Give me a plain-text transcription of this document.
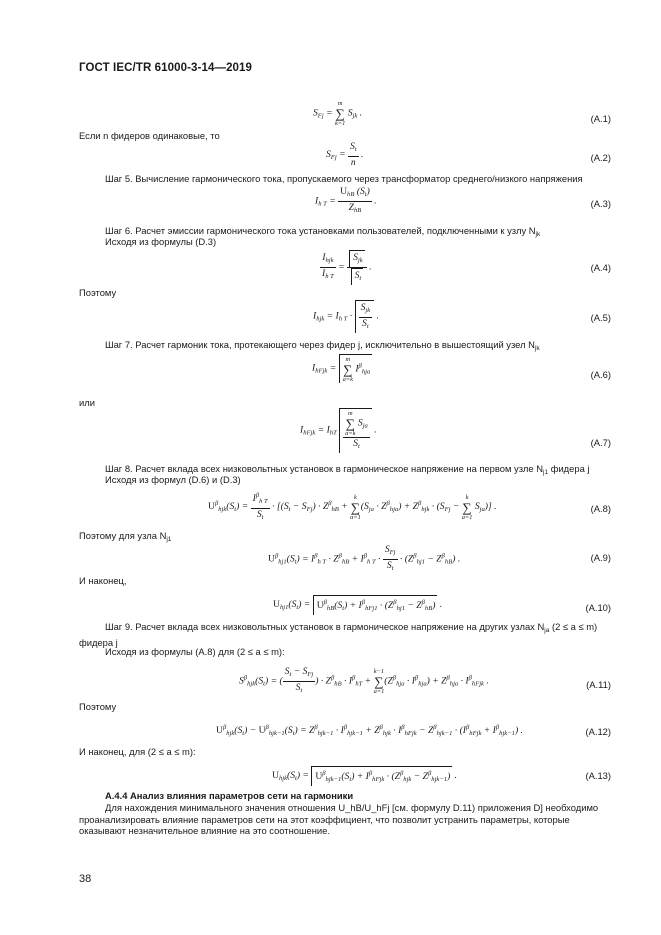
ГОСТ IEC/TR 61000-3-14—2019
$S_{Fj} = m$
∑
k=1 $S_{jk}$ .	(A.1)
Если n фидеров одинаковые, то
$S_{Fj} = \frac{S_t}{n}$ .	(A.2)
Шаг 5. Вычисление гармонического тока, пропускаемого через трансформатор среднего/низкого напряжения
$I_{h T}$ =
$U_{hB}$ $(S_t)$
$Z_{hB}$
.	(A.3)
Шаг 6. Расчет эмиссии гармонического тока установками пользователей, подключенными к узлу $N_{jk}$
Исходя из формулы (D.3)
$I_{hjk}$
$I_{h T}$
=
$S_{jk}$
$S_t$
.	(A.4)
Поэтому
$I_{hjk} = I_{h T}$ ·
$S_{jk}$
$S_t$
.	(A.5)
Шаг 7. Расчет гармоник тока, протекающего через фидер j, исключительно в вышестоящий узел $N_{jk}$
$I_{hFjk} = m$
∑
a=k $I^\beta_{hja}$	(A.6)
или
$I_{hFjk} = I_{hT}$
m
∑
a=k $S_{ja}$
$S_t$
.
(A.7)
Шаг 8. Расчет вклада всех низковольтных установок в гармоническое напряжение на первом узле $N_{j1}$ фидера j
Исходя из формул (D.6) и (D.3)
$U^\beta_{hjk}(S_t)$ =
$I^\beta_{h T}$
$S_t$
· [$(S_t - S_{Fj}) \cdot Z^\beta_{hB} + k$
∑
$a=1(S_{ja} \cdot Z^\beta_{hja}) + Z^\beta_{hjk} \cdot (S_{Fj} - k$
∑
a=1 $S_{ja}$)] .	(A.8)
Поэтому для узла $N_{j1}$
$U^\beta_{hj1}(S_t) = I^\beta_{h T} \cdot Z^\beta_{hB} + I^\beta_{h T}$ ·
$S_{Fj}$
$S_t$
· $(Z^\beta_{hj1} - Z^\beta_{hB})$ .	(A.9)
И наконец,
$U_{hj1}(S_t) = U^\beta_{hB}(S_t) + I^\beta_{hFj1} \cdot (Z^\beta_{hj1} - Z^\beta_{hB})$ .	(A.10)
Шаг 9. Расчет вклада всех низковольтных установок в гармоническое напряжение на других узлах $N_{ja}$ (2 ≤ a ≤ m) фидера j
Исходя из формулы (A.8) для (2 ≤ a ≤ m):
$S^\beta_{hjk}(S_t)$ = (
$S_t - S_{Fj}$
$S_t$
) · $Z^\beta_{hB} \cdot I^\beta_{hT} + k-1$
∑
$a=1(Z^\beta_{hja} \cdot I^\beta_{hja}) + Z^\beta_{hja} \cdot I^\beta_{hFjk}$ .	(A.11)
Поэтому
$U^\beta_{hjk}(S_t) - U^\beta_{hjk-1}(S_t) = Z^\beta_{hjk-1} \cdot I^\beta_{hjk-1} + Z^\beta_{hjk} \cdot I^\beta_{hFjk} - Z^\beta_{hjk-1} \cdot (I^\beta_{hFjk} + I^\beta_{hjk-1})$ .	(A.12)
И наконец, для (2 ≤ a ≤ m):
$U_{hjk}(S_t) = U^\beta_{hjk-1}(S_t) + I^\beta_{hFjk} \cdot (Z^\beta_{hjk} - Z^\beta_{hjk-1})$ .	(A.13)
A.4.4 Анализ влияния параметров сети на гармоники
Для нахождения минимального значения отношения U_hB/U_hFj [см. формулу D.11) приложения D] необходимо проанализировать влияние параметров сети на этот коэффициент, что позволит устранить параметры, которые оказывают незначительное влияние на это соотношение.
38
